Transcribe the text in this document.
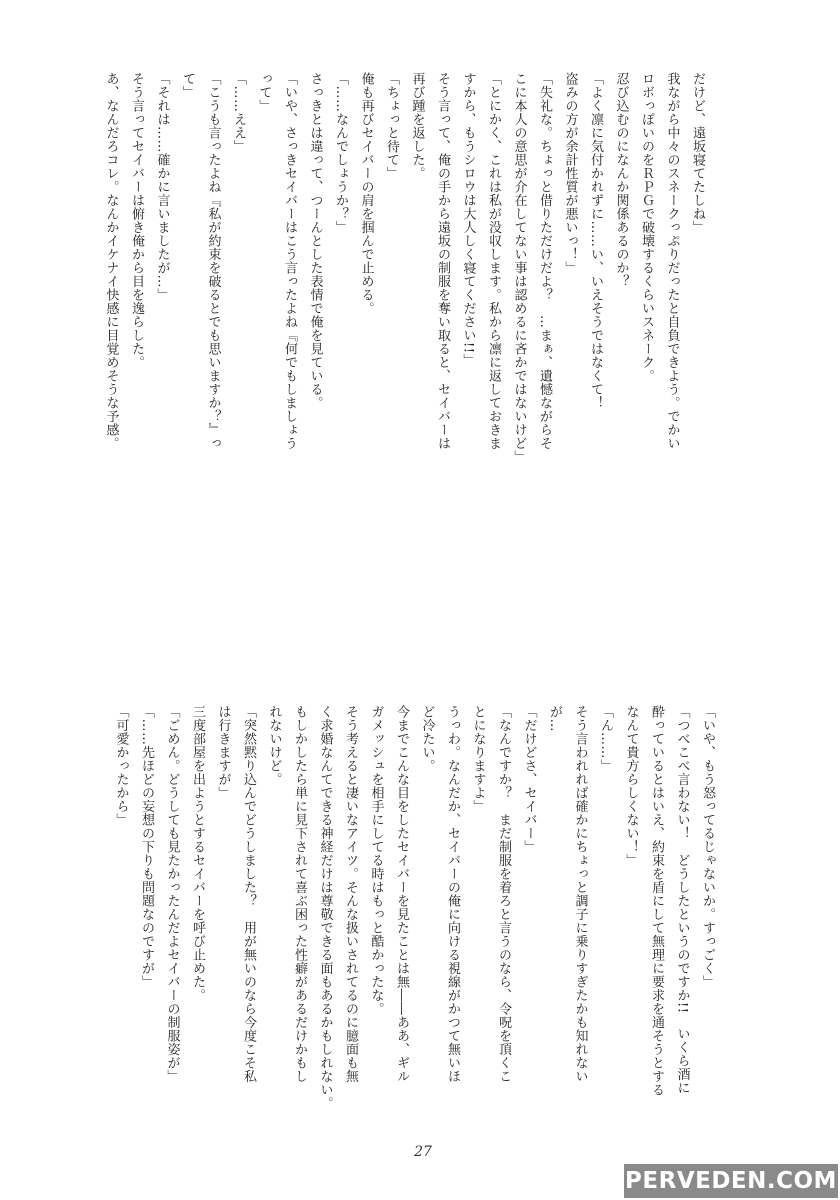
だけど、遠坂寝てたしね」

我ながら中々のスネークっぷりだったと自負できよう。でかい

ロボっぽいのをＲＰＧで破壊するくらいスネーク。

忍び込むのになんか関係あるのか？

「よく凛に気付かれずに……い、いえそうではなくて！

盗みの方が余計性質が悪いっ！」

「失礼な。ちょっと借りただけだよ？　…まぁ、遺憾ながらそ

こに本人の意思が介在してない事は認めるに吝かではないけど」

「とにかく、これは私が没収します。私から凛に返しておきま

すから、もうシロウは大人しく寝てください!!」

そう言って、俺の手から遠坂の制服を奪い取ると、セイバーは

再び踵を返した。

「ちょっと待て」

俺も再びセイバーの肩を掴んで止める。

「……なんでしょうか？」

さっきとは違って、つーんとした表情で俺を見ている。

「いや、さっきセイバーはこう言ったよね『何でもしましょう

って」

「……ええ」

「こうも言ったよね『私が約束を破るとでも思いますか？』っ

て」

「それは……確かに言いましたが…」

そう言ってセイバーは俯き俺から目を逸らした。

あ、なんだろコレ。なんかイケナイ快感に目覚めそうな予感。

27
PERVEDEN.COM

「いや、もう怒ってるじゃないか。すっごく」

「つべこべ言わない！　どうしたというのですか!!　いくら酒に

酔っているとはいえ、約束を盾にして無理に要求を通そうとする

なんて貴方らしくない！」

「ん……」

そう言われれば確かにちょっと調子に乗りすぎたかも知れない

が…

「だけどさ、セイバー」

「なんですか？　まだ制服を着ろと言うのなら、令呪を頂くこ

とになりますよ」

うっわ。なんだか、セイバーの俺に向ける視線がかつて無いほ

ど冷たい。

今までこんな目をしたセイバーを見たことは無――ああ、ギル

ガメッシュを相手にしてる時はもっと酷かったな。

そう考えると凄いなアイツ。そんな扱いされてるのに臆面も無

く求婚なんてできる神経だけは尊敬できる面もあるかもしれない。

もしかしたら単に見下されて喜ぶ困った性癖があるだけかもし

れないけど。

「突然黙り込んでどうしました？　用が無いのなら今度こそ私

は行きますが」

三度部屋を出ようとするセイバーを呼び止めた。

「ごめん。どうしても見たかったんだよセイバーの制服姿が」

「……先ほどの妄想の下りも問題なのですが」

「可愛かったから」
